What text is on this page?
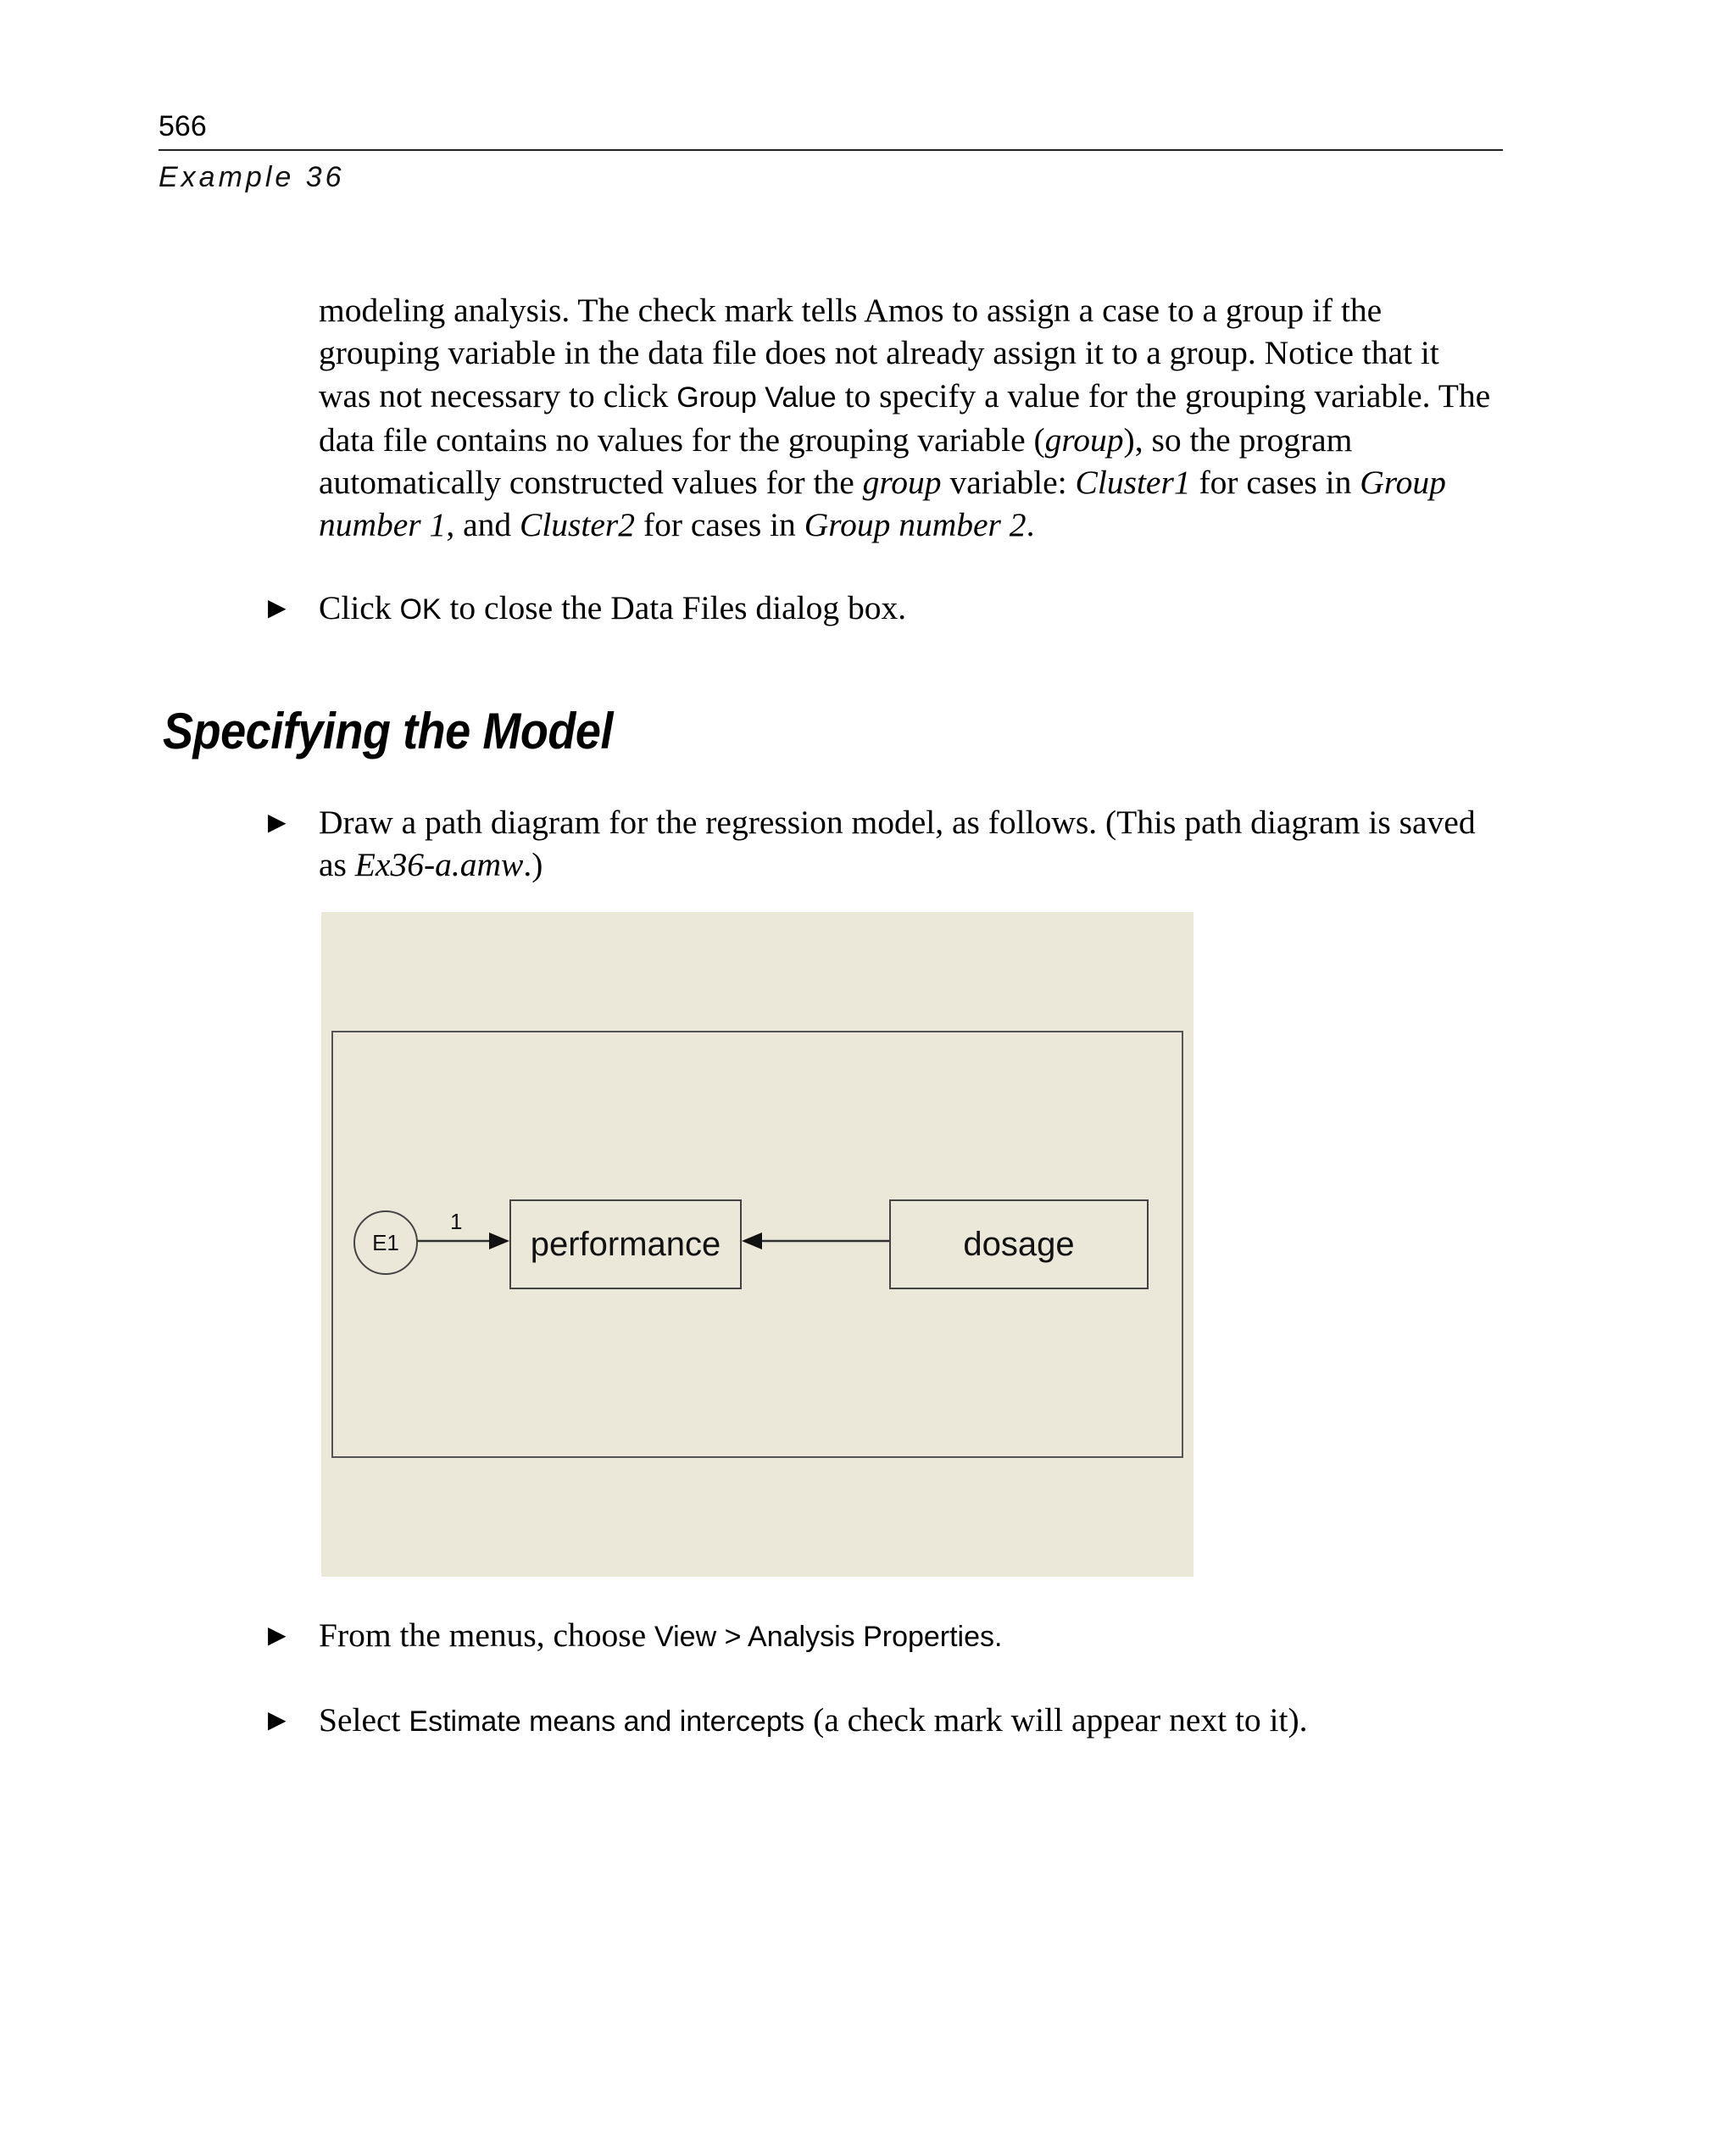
566
Example 36
modeling analysis. The check mark tells Amos to assign a case to a group if the
grouping variable in the data file does not already assign it to a group. Notice that it
was not necessary to click Group Value to specify a value for the grouping variable. The
data file contains no values for the grouping variable (group), so the program
automatically constructed values for the group variable: Cluster1 for cases in Group
number 1, and Cluster2 for cases in Group number 2.
▶ Click OK to close the Data Files dialog box.
Specifying the Model
▶ Draw a path diagram for the regression model, as follows. (This path diagram is saved
as Ex36-a.amw.)
E1
1
performance	dosage
▶ From the menus, choose View > Analysis Properties.
▶ Select Estimate means and intercepts (a check mark will appear next to it).
